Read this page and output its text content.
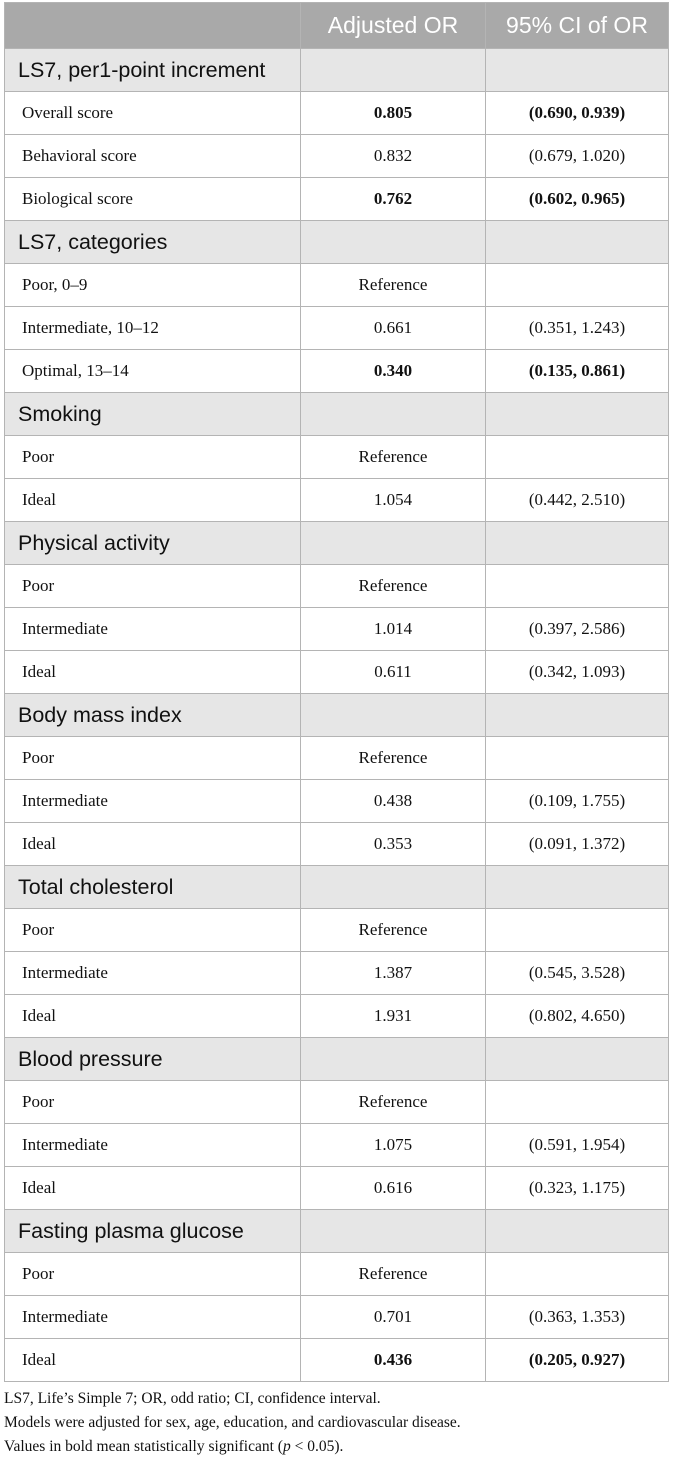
	Adjusted OR	95% CI of OR
LS7, per1-point increment		
Overall score	0.805	(0.690, 0.939)
Behavioral score	0.832	(0.679, 1.020)
Biological score	0.762	(0.602, 0.965)
LS7, categories		
Poor, 0–9	Reference	
Intermediate, 10–12	0.661	(0.351, 1.243)
Optimal, 13–14	0.340	(0.135, 0.861)
Smoking		
Poor	Reference	
Ideal	1.054	(0.442, 2.510)
Physical activity		
Poor	Reference	
Intermediate	1.014	(0.397, 2.586)
Ideal	0.611	(0.342, 1.093)
Body mass index		
Poor	Reference	
Intermediate	0.438	(0.109, 1.755)
Ideal	0.353	(0.091, 1.372)
Total cholesterol		
Poor	Reference	
Intermediate	1.387	(0.545, 3.528)
Ideal	1.931	(0.802, 4.650)
Blood pressure		
Poor	Reference	
Intermediate	1.075	(0.591, 1.954)
Ideal	0.616	(0.323, 1.175)
Fasting plasma glucose		
Poor	Reference	
Intermediate	0.701	(0.363, 1.353)
Ideal	0.436	(0.205, 0.927)

LS7, Life’s Simple 7; OR, odd ratio; CI, confidence interval.

Models were adjusted for sex, age, education, and cardiovascular disease.

Values in bold mean statistically significant (p < 0.05).
